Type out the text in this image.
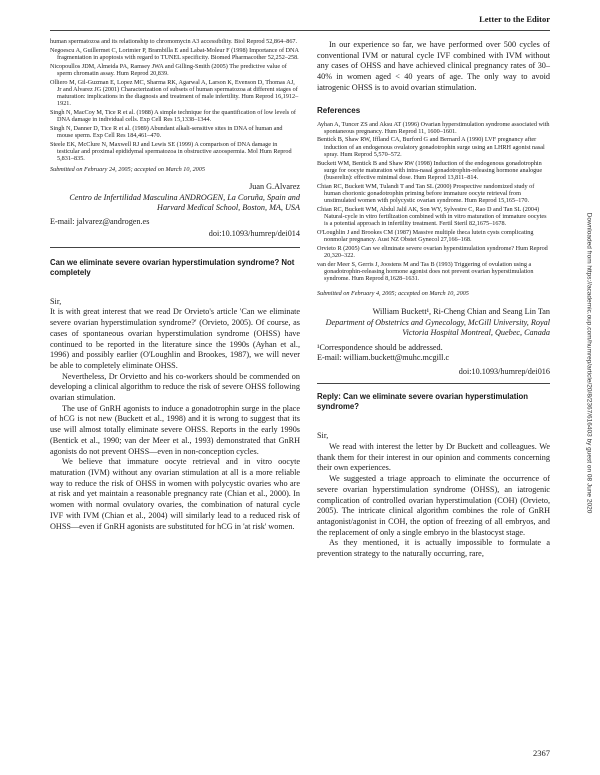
Letter to the Editor

human spermatozoa and its relationship to chromomycin A3 accessibility. Biol Reprod 52,864–867.

Negoescu A, Guillermet C, Lorimier P, Brambilla E and Labat-Moleur F (1998) Importance of DNA fragmentation in apoptosis with regard to TUNEL specificity. Biomed Pharmacother 52,252–258.

Nicopoullos JDM, Almeida PA, Ramsey JWA and Gilling-Smith (2005) The predictive value of sperm chromatin assay. Hum Reprod 20,839.

Olliero M, Gil-Guzman E, Lopez MC, Sharma RK, Agarwal A, Larson K, Evenson D, Thomas AJ, Jr and Alvarez JG (2001) Characterization of subsets of human spermatozoa at different stages of maturation: implications in the diagnosis and treatment of male infertility. Hum Reprod 16,1912–1921.

Singh N, MacCoy M, Tice R et al. (1988) A simple technique for the quantification of low levels of DNA damage in individual cells. Exp Cell Res 15,1338–1344.

Singh N, Danner D, Tice R et al. (1989) Abundant alkali-sensitive sites in DNA of human and mouse sperm. Exp Cell Res 184,461–470.

Steele EK, McClure N, Maxwell RJ and Lewis SE (1999) A comparison of DNA damage in testicular and proximal epididymal spermatozoa in obstructive azoospermia. Mol Hum Reprod 5,831–835.

Submitted on February 24, 2005; accepted on March 10, 2005

Juan G.Alvarez

Centro de Infertilidad Masculina ANDROGEN, La Coruña, Spain and Harvard Medical School, Boston, MA, USA

E-mail: jalvarez@androgen.es

doi:10.1093/humrep/dei014

Can we eliminate severe ovarian hyperstimulation syndrome? Not completely

Sir,

It is with great interest that we read Dr Orvieto's article 'Can we eliminate severe ovarian hyperstimulation syndrome?' (Orvieto, 2005). Of course, as cases of spontaneous ovarian hyperstimulation syndrome (OHSS) have continued to be reported in the literature since the 1990s (Ayhan et al., 1996) and possibly earlier (O'Loughlin and Brookes, 1987), we will never be able to completely eliminate OHSS.

Nevertheless, Dr Orvietto and his co-workers should be commended on developing a clinical algorithm to reduce the risk of severe OHSS following ovarian stimulation.

The use of GnRH agonists to induce a gonadotrophin surge in the place of hCG is not new (Buckett et al., 1998) and it is wrong to suggest that its use will almost totally eliminate severe OHSS. Reports in the early 1990s (Bentick et al., 1990; van der Meer et al., 1993) demonstrated that GnRH agonists do not prevent OHSS—even in non-conception cycles.

We believe that immature oocyte retrieval and in vitro oocyte maturation (IVM) without any ovarian stimulation at all is a more reliable way to reduce the risk of OHSS in women with polycystic ovaries who are at risk and yet maintain a reasonable pregnancy rate (Chian et al., 2000). In women with normal ovulatory ovaries, the combination of natural cycle IVF with IVM (Chian et al., 2004) will similarly lead to a reduced risk of OHSS—even if GnRH agonists are substituted for hCG in 'at risk' women.

In our experience so far, we have performed over 500 cycles of conventional IVM or natural cycle IVF combined with IVM without any cases of OHSS and have achieved clinical pregnancy rates of 30–40% in women aged < 40 years of age. The only way to avoid iatrogenic OHSS is to avoid ovarian stimulation.

References

Ayhan A, Tuncer ZS and Aksu AT (1996) Ovarian hyperstimulation syndrome associated with spontaneous pregnancy. Hum Reprod 11, 1600–1601.

Bentick B, Shaw RW, Iffland CA, Burford G and Bernard A (1990) LVF pregnancy after induction of an endogenous ovulatory gonadotrophin surge using an LHRH agonist nasal spray. Hum Reprod 5,570–572.

Buckett WM, Bentick B and Shaw RW (1998) Induction of the endogenous gonadotrophin surge for oocyte maturation with intra-nasal gonadotrophin-releasing hormone analogue (buserelin): effective minimal dose. Hum Reprod 13,811–814.

Chian RC, Buckett WM, Tulandi T and Tan SL (2000) Prospective randomized study of human chorionic gonadotrophin priming before immature oocyte retrieval from unstimulated women with polycystic ovarian syndrome. Hum Reprod 15,165–170.

Chian RC, Buckett WM, Abdul Jalil AK, Son WY, Sylvestre C, Rao D and Tan SL (2004) Natural-cycle in vitro fertilization combined with in vitro maturation of immature oocytes is a potential approach in infertility treatment. Fertil Steril 82,1675–1678.

O'Loughlin J and Brookes CM (1987) Massive multiple theca lutein cysts complicating nonmolar pregnancy. Aust NZ Obstet Gynecol 27,166–168.

Orvieto R (2005) Can we eliminate severe ovarian hyperstimulation syndrome? Hum Reprod 20,320–322.

van der Meer S, Gerris J, Joostens M and Tas B (1993) Triggering of ovulation using a gonadotrophin-releasing hormone agonist does not prevent ovarian hyperstimulation syndrome. Hum Reprod 8,1628–1631.

Submitted on February 4, 2005; accepted on March 10, 2005

William Buckett¹, Ri-Cheng Chian and Seang Lin Tan

Department of Obstetrics and Gynecology, McGill University, Royal Victoria Hospital Montreal, Quebec, Canada

¹Correspondence should be addressed.

E-mail: william.buckett@muhc.mcgill.c

doi:10.1093/humrep/dei016

Reply: Can we eliminate severe ovarian hyperstimulation syndrome?

Sir,

We read with interest the letter by Dr Buckett and colleagues. We thank them for their interest in our opinion and comments concerning their own experiences.

We suggested a triage approach to eliminate the occurrence of severe ovarian hyperstimulation syndrome (OHSS), an iatrogenic complication of controlled ovarian hyperstimulation (COH) (Orvieto, 2005). The intricate clinical algorithm combines the role of GnRH antagonist/agonist in COH, the option of freezing of all embryos, and the replacement of only a single embryo in the blastocyst stage.

As they mentioned, it is actually impossible to formulate a prevention strategy to the naturally occurring, rare,

Downloaded from https://academic.oup.com/humrep/article/20/8/2367/616403 by guest on 08 June 2020
2367
